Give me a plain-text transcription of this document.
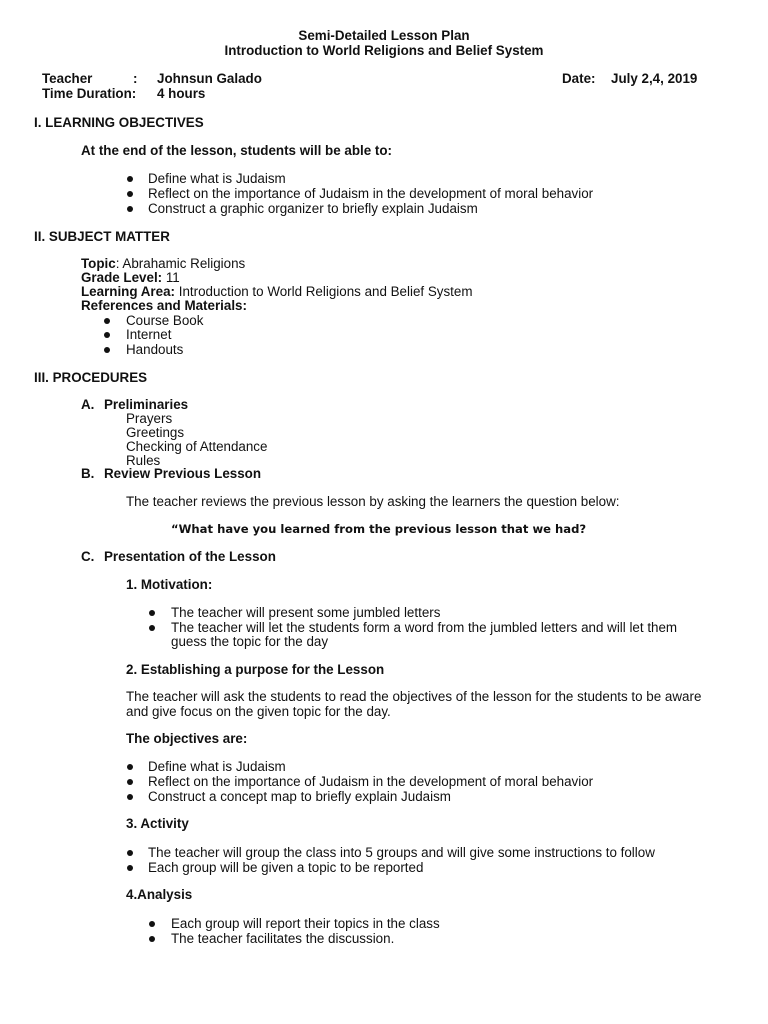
Semi-Detailed Lesson Plan
Introduction to World Religions and Belief System
Teacher	: Johnsun Galado	Date: July 2,4, 2019
Time Duration: 4 hours
I. LEARNING OBJECTIVES
At the end of the lesson, students will be able to:
Define what is Judaism
Reflect on the importance of Judaism in the development of moral behavior
Construct a graphic organizer to briefly explain Judaism
II. SUBJECT MATTER
Topic: Abrahamic Religions
Grade Level: 11
Learning Area: Introduction to World Religions and Belief System
References and Materials:
Course Book
Internet
Handouts
III. PROCEDURES
A. Preliminaries
Prayers
Greetings
Checking of Attendance
Rules
B. Review Previous Lesson
The teacher reviews the previous lesson by asking the learners the question below:
“What have you learned from the previous lesson that we had?
C. Presentation of the Lesson
1. Motivation:
The teacher will present some jumbled letters
The teacher will let the students form a word from the jumbled letters and will let them
guess the topic for the day
2. Establishing a purpose for the Lesson
The teacher will ask the students to read the objectives of the lesson for the students to be aware
and give focus on the given topic for the day.
The objectives are:
Define what is Judaism
Reflect on the importance of Judaism in the development of moral behavior
Construct a concept map to briefly explain Judaism
3. Activity
The teacher will group the class into 5 groups and will give some instructions to follow
Each group will be given a topic to be reported
4.Analysis
Each group will report their topics in the class
The teacher facilitates the discussion.
